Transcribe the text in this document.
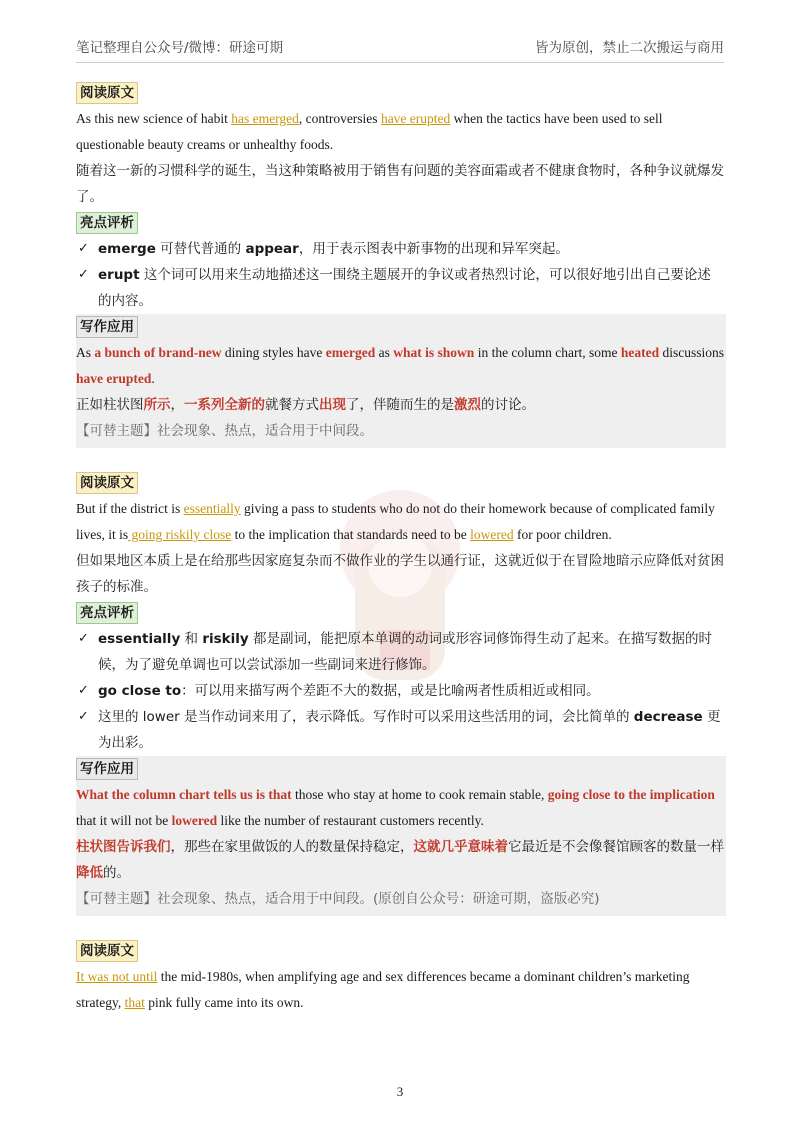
笔记整理自公众号/微博：研途可期	皆为原创，禁止二次搬运与商用
阅读原文

As this new science of habit has emerged, controversies have erupted when the tactics have been used to sell questionable beauty creams or unhealthy foods.

随着这一新的习惯科学的诞生，当这种策略被用于销售有问题的美容面霜或者不健康食物时，各种争议就爆发了。

亮点评析

✓ emerge 可替代普通的 appear，用于表示图表中新事物的出现和异军突起。

✓ erupt 这个词可以用来生动地描述这一围绕主题展开的争议或者热烈讨论，可以很好地引出自己要论述的内容。

写作应用

As a bunch of brand-new dining styles have emerged as what is shown in the column chart, some heated discussions have erupted.

正如柱状图所示，一系列全新的就餐方式出现了，伴随而生的是激烈的讨论。

【可替主题】社会现象、热点，适合用于中间段。

阅读原文

But if the district is essentially giving a pass to students who do not do their homework because of complicated family lives, it is going riskily close to the implication that standards need to be lowered for poor children.

但如果地区本质上是在给那些因家庭复杂而不做作业的学生以通行证，这就近似于在冒险地暗示应降低对贫困孩子的标准。

亮点评析

✓ essentially 和 riskily 都是副词，能把原本单调的动词或形容词修饰得生动了起来。在描写数据的时候，为了避免单调也可以尝试添加一些副词来进行修饰。

✓ go close to：可以用来描写两个差距不大的数据，或是比喻两者性质相近或相同。

✓ 这里的 lower 是当作动词来用了，表示降低。写作时可以采用这些活用的词，会比简单的 decrease 更为出彩。

写作应用

What the column chart tells us is that those who stay at home to cook remain stable, going close to the implication that it will not be lowered like the number of restaurant customers recently.

柱状图告诉我们，那些在家里做饭的人的数量保持稳定，这就几乎意味着它最近是不会像餐馆顾客的数量一样降低的。

【可替主题】社会现象、热点，适合用于中间段。(原创自公众号：研途可期，盗版必究)

阅读原文

It was not until the mid-1980s, when amplifying age and sex differences became a dominant children’s marketing strategy, that pink fully came into its own.

3
